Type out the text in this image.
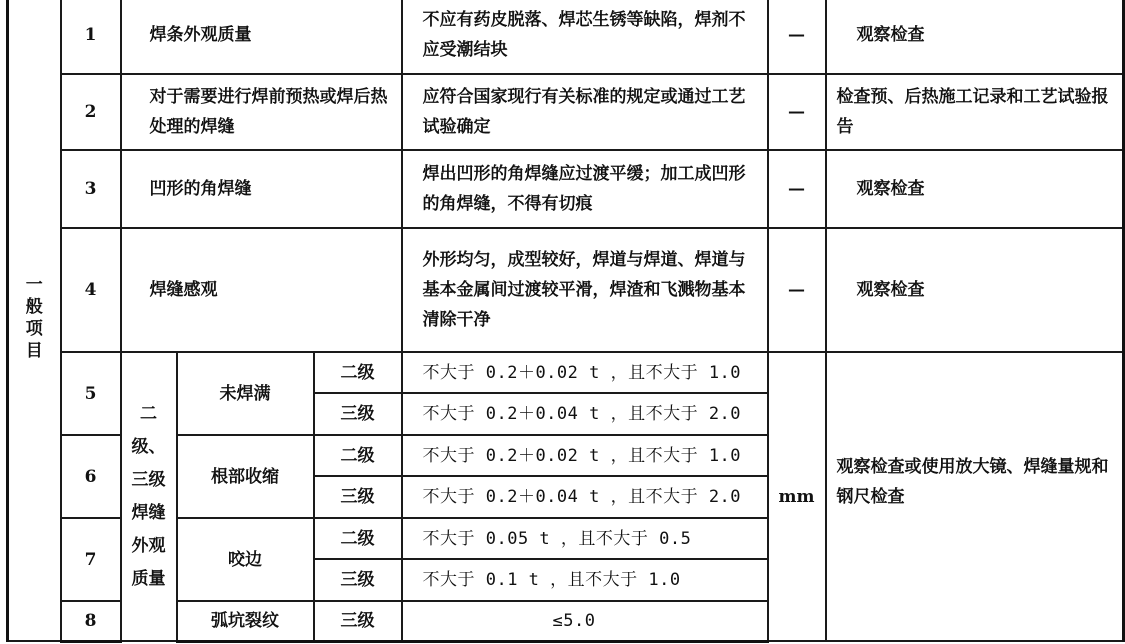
一
般
项
目	1	焊条外观质量			不应有药皮脱落、焊芯生锈等缺陷，焊剂不应受潮结块	—	观察检查
	2	对于需要进行焊前预热或焊后热处理的焊缝			应符合国家现行有关标准的规定或通过工艺试验确定	—	检查预、后热施工记录和工艺试验报告
	3	凹形的角焊缝			焊出凹形的角焊缝应过渡平缓；加工成凹形的角焊缝，不得有切痕	—	观察检查
	4	焊缝感观			外形均匀，成型较好，焊道与焊道、焊道与基本金属间过渡较平滑，焊渣和飞溅物基本清除干净	—	观察检查
	5	二级、三级焊缝外观质量	未焊满	二级	不大于 0.2＋0.02 t ，且不大于 1.0	mm	观察检查或使用放大镜、焊缝量规和钢尺检查
				三级	不大于 0.2＋0.04 t ，且不大于 2.0		
	6		根部收缩	二级	不大于 0.2＋0.02 t ，且不大于 1.0		
				三级	不大于 0.2＋0.04 t ，且不大于 2.0		
	7		咬边	二级	不大于 0.05 t ，且不大于 0.5		
				三级	不大于 0.1 t ，且不大于 1.0		
	8		弧坑裂纹	三级	≤5.0		
